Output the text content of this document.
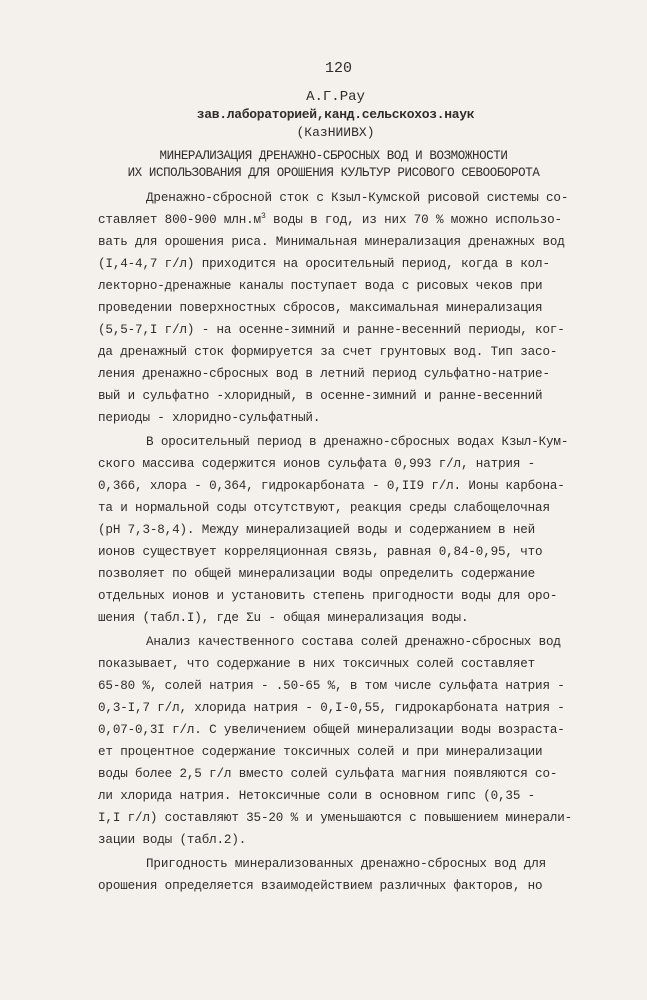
120
А.Г.Рау
зав.лабораторией,канд.сельскохоз.наук
(КазНИИВХ)
МИНЕРАЛИЗАЦИЯ ДРЕНАЖНО-СБРОСНЫХ ВОД И ВОЗМОЖНОСТИ
ИХ ИСПОЛЬЗОВАНИЯ ДЛЯ ОРОШЕНИЯ КУЛЬТУР РИСОВОГО СЕВООБОРОТА
Дренажно-сбросной сток с Кзыл-Кумской рисовой системы со-
ставляет 800-900 $млн.м^3$ воды в год, из них 70 % можно использо-
вать для орошения риса. Минимальная минерализация дренажных вод
(I,4-4,7 г/л) приходится на оросительный период, когда в кол-
лекторно-дренажные каналы поступает вода с рисовых чеков при
проведении поверхностных сбросов, максимальная минерализация
(5,5-7,I г/л) - на осенне-зимний и ранне-весенний периоды, ког-
да дренажный сток формируется за счет грунтовых вод. Тип засо-
ления дренажно-сбросных вод в летний период сульфатно-натрие-
вый и сульфатно -хлоридный, в осенне-зимний и ранне-весенний
периоды - хлоридно-сульфатный.
В оросительный период в дренажно-сбросных водах Кзыл-Кум-
ского массива содержится ионов сульфата 0,993 г/л, натрия -
0,366, хлора - 0,364, гидрокарбоната - 0,II9 г/л. Ионы карбона-
та и нормальной соды отсутствуют, реакция среды слабощелочная
(pH 7,3-8,4). Между минерализацией воды и содержанием в ней
ионов существует корреляционная связь, равная 0,84-0,95, что
позволяет по общей минерализации воды определить содержание
отдельных ионов и установить степень пригодности воды для оро-
шения (табл.I), где Σu - общая минерализация воды.
Анализ качественного состава солей дренажно-сбросных вод
показывает, что содержание в них токсичных солей составляет
65-80 %, солей натрия - .50-65 %, в том числе сульфата натрия -
0,3-I,7 г/л, хлорида натрия - 0,I-0,55, гидрокарбоната натрия -
0,07-0,3I г/л. С увеличением общей минерализации воды возраста-
ет процентное содержание токсичных солей и при минерализации
воды более 2,5 г/л вместо солей сульфата магния появляются со-
ли хлорида натрия. Нетоксичные соли в основном гипс (0,35 -
I,I г/л) составляют 35-20 % и уменьшаются с повышением минерали-
зации воды (табл.2).
Пригодность минерализованных дренажно-сбросных вод для
орошения определяется взаимодействием различных факторов, но
